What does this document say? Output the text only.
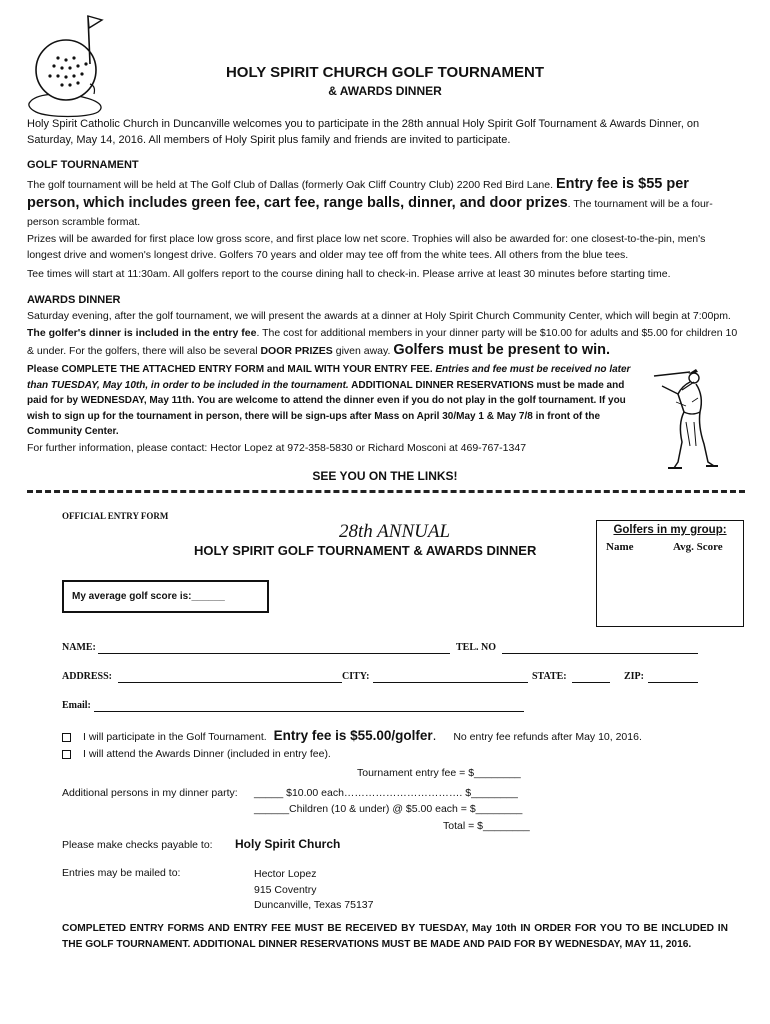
HOLY SPIRIT CHURCH GOLF TOURNAMENT
& AWARDS DINNER

Holy Spirit Catholic Church in Duncanville welcomes you to participate in the 28th annual Holy Spirit Golf Tournament & Awards Dinner, on Saturday, May 14, 2016. All members of Holy Spirit plus family and friends are invited to participate.

GOLF TOURNAMENT

The golf tournament will be held at The Golf Club of Dallas (formerly Oak Cliff Country Club) 2200 Red Bird Lane. Entry fee is $55 per person, which includes green fee, cart fee, range balls, dinner, and door prizes. The tournament will be a four-person scramble format.

Prizes will be awarded for first place low gross score, and first place low net score. Trophies will also be awarded for: one closest-to-the-pin, men's longest drive and women's longest drive. Golfers 70 years and older may tee off from the white tees. All others from the blue tees.

Tee times will start at 11:30am. All golfers report to the course dining hall to check-in. Please arrive at least 30 minutes before starting time.

AWARDS DINNER

Saturday evening, after the golf tournament, we will present the awards at a dinner at Holy Spirit Church Community Center, which will begin at 7:00pm. The golfer's dinner is included in the entry fee. The cost for additional members in your dinner party will be $10.00 for adults and $5.00 for children 10 & under. For the golfers, there will also be several DOOR PRIZES given away. Golfers must be present to win.

Please COMPLETE THE ATTACHED ENTRY FORM and MAIL WITH YOUR ENTRY FEE. Entries and fee must be received no later than TUESDAY, May 10th, in order to be included in the tournament. ADDITIONAL DINNER RESERVATIONS must be made and paid for by WEDNESDAY, May 11th. You are welcome to attend the dinner even if you do not play in the golf tournament. If you wish to sign up for the tournament in person, there will be sign-ups after Mass on April 30/May 1 & May 7/8 in front of the Community Center.

For further information, please contact: Hector Lopez at 972-358-5830 or Richard Mosconi at 469-767-1347

SEE YOU ON THE LINKS!
OFFICIAL ENTRY FORM
28th ANNUAL
HOLY SPIRIT GOLF TOURNAMENT & AWARDS DINNER
Golfers in my group:
Name	Avg. Score
My average golf score is:______
NAME:	TEL. NO
ADDRESS:	CITY:	STATE:	ZIP:
Email:
I will participate in the Golf Tournament. Entry fee is $55.00/golfer. No entry fee refunds after May 10, 2016.
I will attend the Awards Dinner (included in entry fee).
Tournament entry fee = $________
Additional persons in my dinner party: _____ $10.00 each……………………………. $________
______Children (10 & under) @ $5.00 each = $________
Total = $________
Please make checks payable to: Holy Spirit Church
Entries may be mailed to:	Hector Lopez
915 Coventry
Duncanville, Texas 75137

COMPLETED ENTRY FORMS AND ENTRY FEE MUST BE RECEIVED BY TUESDAY, May 10th IN ORDER FOR YOU TO BE INCLUDED IN THE GOLF TOURNAMENT. ADDITIONAL DINNER RESERVATIONS MUST BE MADE AND PAID FOR BY WEDNESDAY, MAY 11, 2016.
